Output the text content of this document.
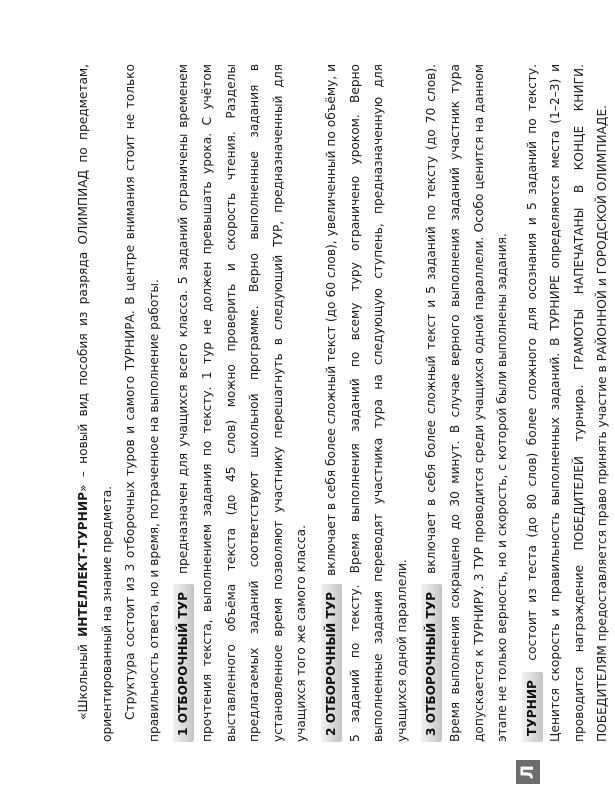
«Школьный ИНТЕЛЛЕКТ-ТУРНИР» – новый вид пособия из разряда ОЛИМПИАД по предметам, ориентированный на знание предмета. Структура состоит из 3 отборочных туров и самого ТУРНИРА. В центре внимания стоит не только правильность ответа, но и время, потраченное на выполнение работы.	1 ОТБОРОЧНЫЙ ТУР предназначен для учащихся всего класса. 5 заданий ограничены временем прочтения текста, выполнением задания по тексту. 1 тур не должен превышать урока. С учётом выставленного объёма текста (до 45 слов) можно проверить и скорость чтения. Разделы предлагаемых заданий соответствуют школьной программе. Верно выполненные задания в установленное время позволяют участнику перешагнуть в следующий ТУР, предназначенный для учащихся того же самого класса.	2 ОТБОРОЧНЫЙ ТУР включает в себя более сложный текст (до 60 слов), увеличенный по объёму, и 5 заданий по тексту. Время выполнения заданий по всему туру ограничено уроком. Верно выполненные задания переводят участника тура на следующую ступень, предназначенную для учащихся одной параллели.	3 ОТБОРОЧНЫЙ ТУР включает в себя более сложный текст и 5 заданий по тексту (до 70 слов). Время выполнения сокращено до 30 минут. В случае верного выполнения заданий участник тура допускается к ТУРНИРУ. 3 ТУР проводится среди учащихся одной параллели. Особо ценится на данном этапе не только верность, но и скорость, с которой были выполнены задания.	ТУРНИР состоит из теста (до 80 слов) более сложного для осознания и 5 заданий по тексту. Ценится скорость и правильность выполненных заданий. В ТУРНИРЕ определяются места (1–2–3) и проводится награждение ПОБЕДИТЕЛЕЙ турнира. ГРАМОТЫ НАПЕЧАТАНЫ В КОНЦЕ КНИГИ. ПОБЕДИТЕЛЯМ предоставляется право принять участие в РАЙОННОЙ и ГОРОДСКОЙ ОЛИМПИАДЕ.

Л
